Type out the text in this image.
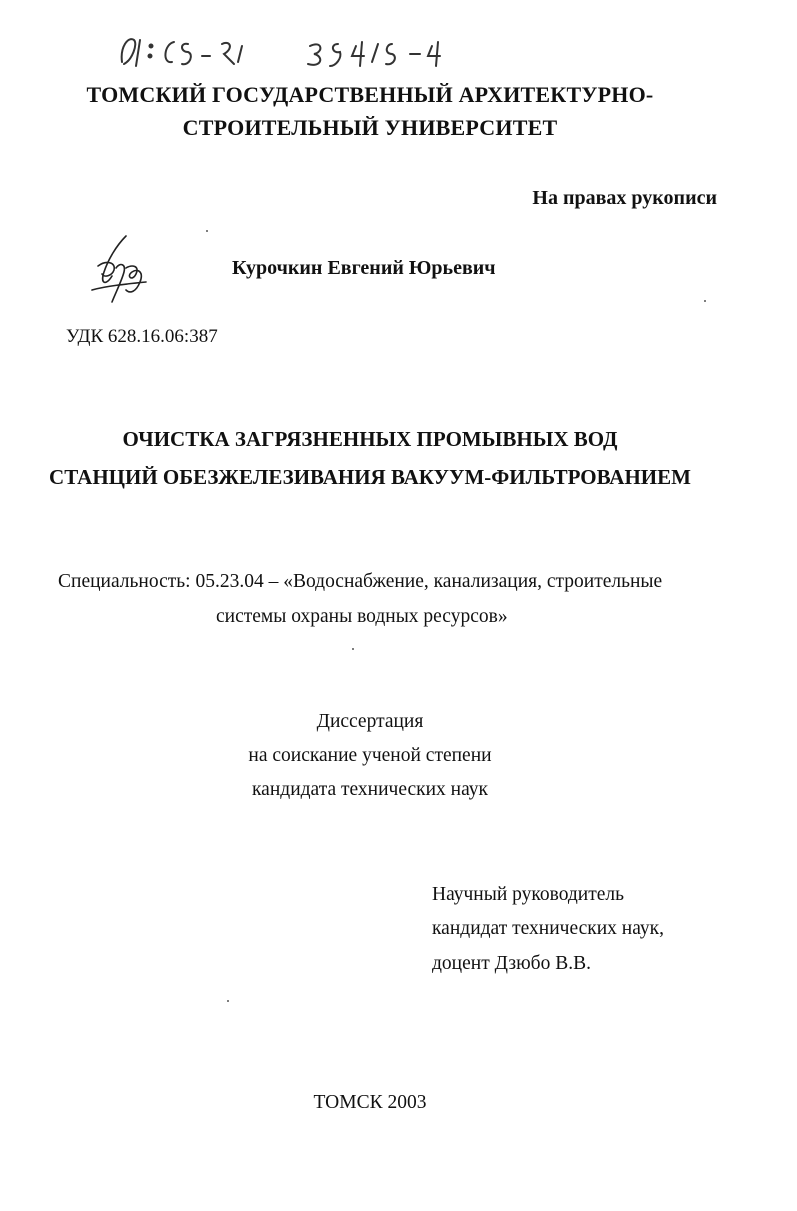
ТОМСКИЙ ГОСУДАРСТВЕННЫЙ АРХИТЕКТУРНО-
СТРОИТЕЛЬНЫЙ УНИВЕРСИТЕТ
На правах рукописи
Курочкин Евгений Юрьевич
УДК 628.16.06:387
ОЧИСТКА ЗАГРЯЗНЕННЫХ ПРОМЫВНЫХ ВОД
СТАНЦИЙ ОБЕЗЖЕЛЕЗИВАНИЯ ВАКУУМ-ФИЛЬТРОВАНИЕМ
Специальность: 05.23.04 – «Водоснабжение, канализация, строительные
системы охраны водных ресурсов»
Диссертация
на соискание ученой степени
кандидата технических наук
Научный руководитель
кандидат технических наук,
доцент Дзюбо В.В.
ТОМСК 2003
